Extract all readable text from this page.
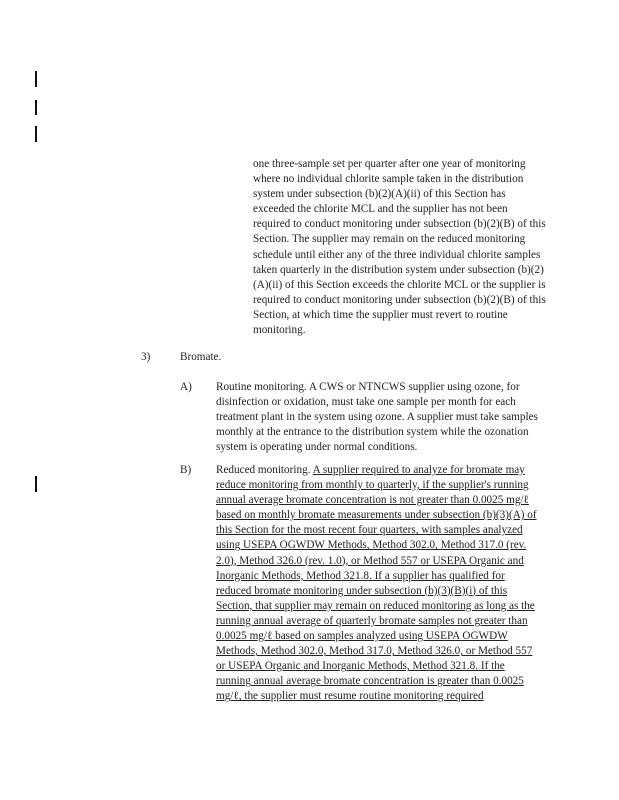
one three-sample set per quarter after one year of monitoring where no individual chlorite sample taken in the distribution system under subsection (b)(2)(A)(ii) of this Section has exceeded the chlorite MCL and the supplier has not been required to conduct monitoring under subsection (b)(2)(B) of this Section. The supplier may remain on the reduced monitoring schedule until either any of the three individual chlorite samples taken quarterly in the distribution system under subsection (b)(2)(A)(ii) of this Section exceeds the chlorite MCL or the supplier is required to conduct monitoring under subsection (b)(2)(B) of this Section, at which time the supplier must revert to routine monitoring.

3)	Bromate.
A) Routine monitoring. A CWS or NTNCWS supplier using ozone, for disinfection or oxidation, must take one sample per month for each treatment plant in the system using ozone. A supplier must take samples monthly at the entrance to the distribution system while the ozonation system is operating under normal conditions.

B) Reduced monitoring. A supplier required to analyze for bromate may reduce monitoring from monthly to quarterly, if the supplier's running annual average bromate concentration is not greater than 0.0025 mg/ℓ based on monthly bromate measurements under subsection (b)(3)(A) of this Section for the most recent four quarters, with samples analyzed using USEPA OGWDW Methods, Method 302.0, Method 317.0 (rev. 2.0), Method 326.0 (rev. 1.0), or Method 557 or USEPA Organic and Inorganic Methods, Method 321.8. If a supplier has qualified for reduced bromate monitoring under subsection (b)(3)(B)(i) of this Section, that supplier may remain on reduced monitoring as long as the running annual average of quarterly bromate samples not greater than 0.0025 mg/ℓ based on samples analyzed using USEPA OGWDW Methods, Method 302.0, Method 317.0, Method 326.0, or Method 557 or USEPA Organic and Inorganic Methods, Method 321.8. If the running annual average bromate concentration is greater than 0.0025 mg/ℓ, the supplier must resume routine monitoring required
